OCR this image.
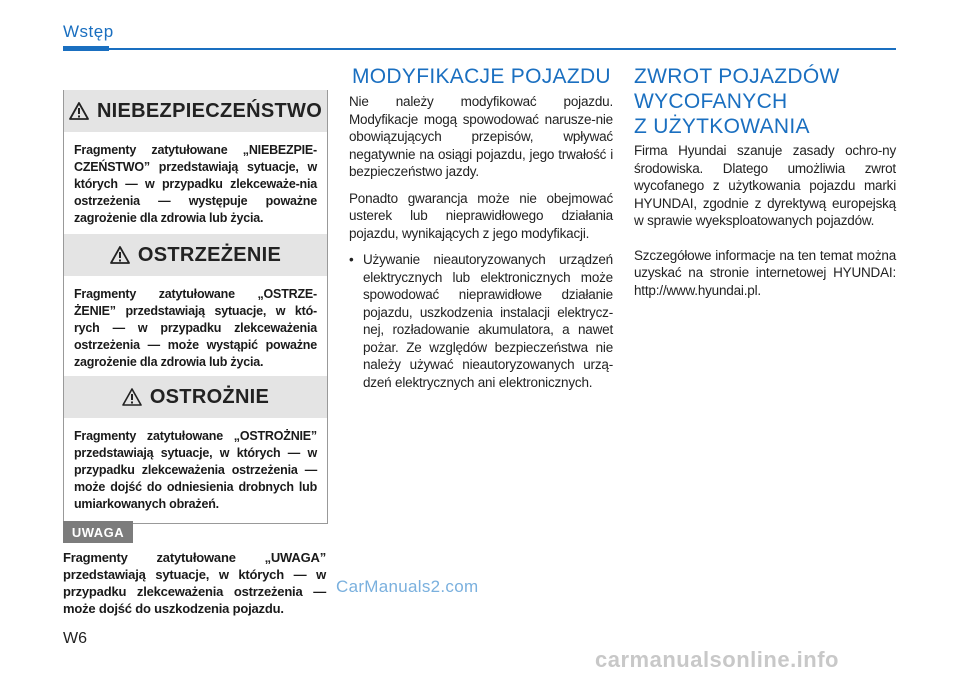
Wstęp
NIEBEZPIECZEŃSTWO
Fragmenty zatytułowane „NIEBEZPIE-CZEŃSTWO” przedstawiają sytuacje, w których — w przypadku zlekceważe-nia ostrzeżenia — występuje poważne zagrożenie dla zdrowia lub życia.
OSTRZEŻENIE
Fragmenty zatytułowane „OSTRZE-ŻENIE” przedstawiają sytuacje, w któ-rych — w przypadku zlekceważenia ostrzeżenia — może wystąpić poważne zagrożenie dla zdrowia lub życia.
OSTROŻNIE
Fragmenty zatytułowane „OSTROŻNIE” przedstawiają sytuacje, w których — w przypadku zlekceważenia ostrzeżenia — może dojść do odniesienia drobnych lub umiarkowanych obrażeń.
UWAGA
Fragmenty zatytułowane „UWAGA” przedstawiają sytuacje, w których — w przypadku zlekceważenia ostrzeżenia — może dojść do uszkodzenia pojazdu.
MODYFIKACJE POJAZDU

Nie należy modyfikować pojazdu. Modyfikacje mogą spowodować narusze-nie obowiązujących przepisów, wpływać negatywnie na osiągi pojazdu, jego trwałość i bezpieczeństwo jazdy.

Ponadto gwarancja może nie obejmować usterek lub nieprawidłowego działania pojazdu, wynikających z jego modyfikacji.

• Używanie nieautoryzowanych urządzeń elektrycznych lub elektronicznych może spowodować nieprawidłowe działanie pojazdu, uszkodzenia instalacji elektrycz-nej, rozładowanie akumulatora, a nawet pożar. Ze względów bezpieczeństwa nie należy używać nieautoryzowanych urzą-dzeń elektrycznych ani elektronicznych.
ZWROT POJAZDÓW
WYCOFANYCH
Z UŻYTKOWANIA

Firma Hyundai szanuje zasady ochro-ny środowiska. Dlatego umożliwia zwrot wycofanego z użytkowania pojazdu marki HYUNDAI, zgodnie z dyrektywą europejską w sprawie wyeksploatowanych pojazdów.

Szczegółowe informacje na ten temat można uzyskać na stronie internetowej HYUNDAI: http://www.hyundai.pl.

W6
CarManuals2.com
carmanualsonline.info
